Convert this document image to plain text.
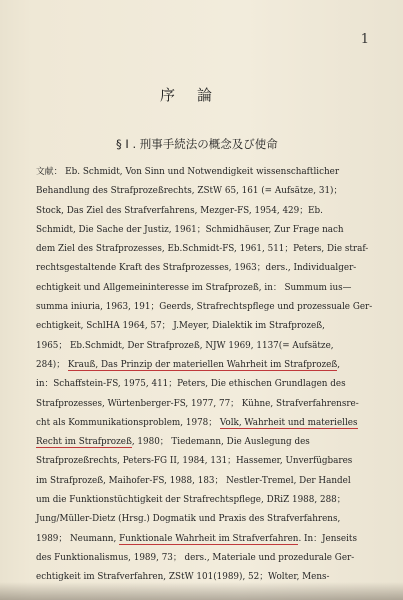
1
序論
§ I . 刑事手続法の概念及び使命
文献： Eb. Schmidt, Von Sinn und Notwendigkeit wissenschaftlicher
Behandlung des Strafprozeßrechts, ZStW 65, 161 (= Aufsätze, 31)；
Stock, Das Ziel des Strafverfahrens, Mezger-FS, 1954, 429；Eb.
Schmidt, Die Sache der Justiz, 1961；Schmidhäuser, Zur Frage nach
dem Ziel des Strafprozesses, Eb.Schmidt-FS, 1961, 511；Peters, Die straf-
rechtsgestaltende Kraft des Strafprozesses, 1963；ders., Individualger-
echtigkeit und Allgemeininteresse im Strafprozeß, in： Summum ius—
summa iniuria, 1963, 191；Geerds, Strafrechtspflege und prozessuale Ger-
echtigkeit, SchlHA 1964, 57； J.Meyer, Dialektik im Strafprozeß,
1965； Eb.Schmidt, Der Strafprozeß, NJW 1969, 1137(= Aufsätze,
284)； Krauß, Das Prinzip der materiellen Wahrheit im Strafprozeß,
in：Schaffstein-FS, 1975, 411；Peters, Die ethischen Grundlagen des
Strafprozesses, Würtenberger-FS, 1977, 77； Kühne, Strafverfahrensre-
cht als Kommunikationsproblem, 1978； Volk, Wahrheit und materielles
Recht im Strafprozeß, 1980； Tiedemann, Die Auslegung des
Strafprozeßrechts, Peters-FG II, 1984, 131；Hassemer, Unverfügbares
im Strafprozeß, Maihofer-FS, 1988, 183； Nestler-Tremel, Der Handel
um die Funktionstüchtigkeit der Strafrechtspflege, DRiZ 1988, 288；
Jung/Müller-Dietz (Hrsg.) Dogmatik und Praxis des Strafverfahrens,
1989； Neumann, Funktionale Wahrheit im Strafverfahren. In：Jenseits
des Funktionalismus, 1989, 73； ders., Materiale und prozedurale Ger-
echtigkeit im Strafverfahren, ZStW 101(1989), 52；Wolter, Mens-
